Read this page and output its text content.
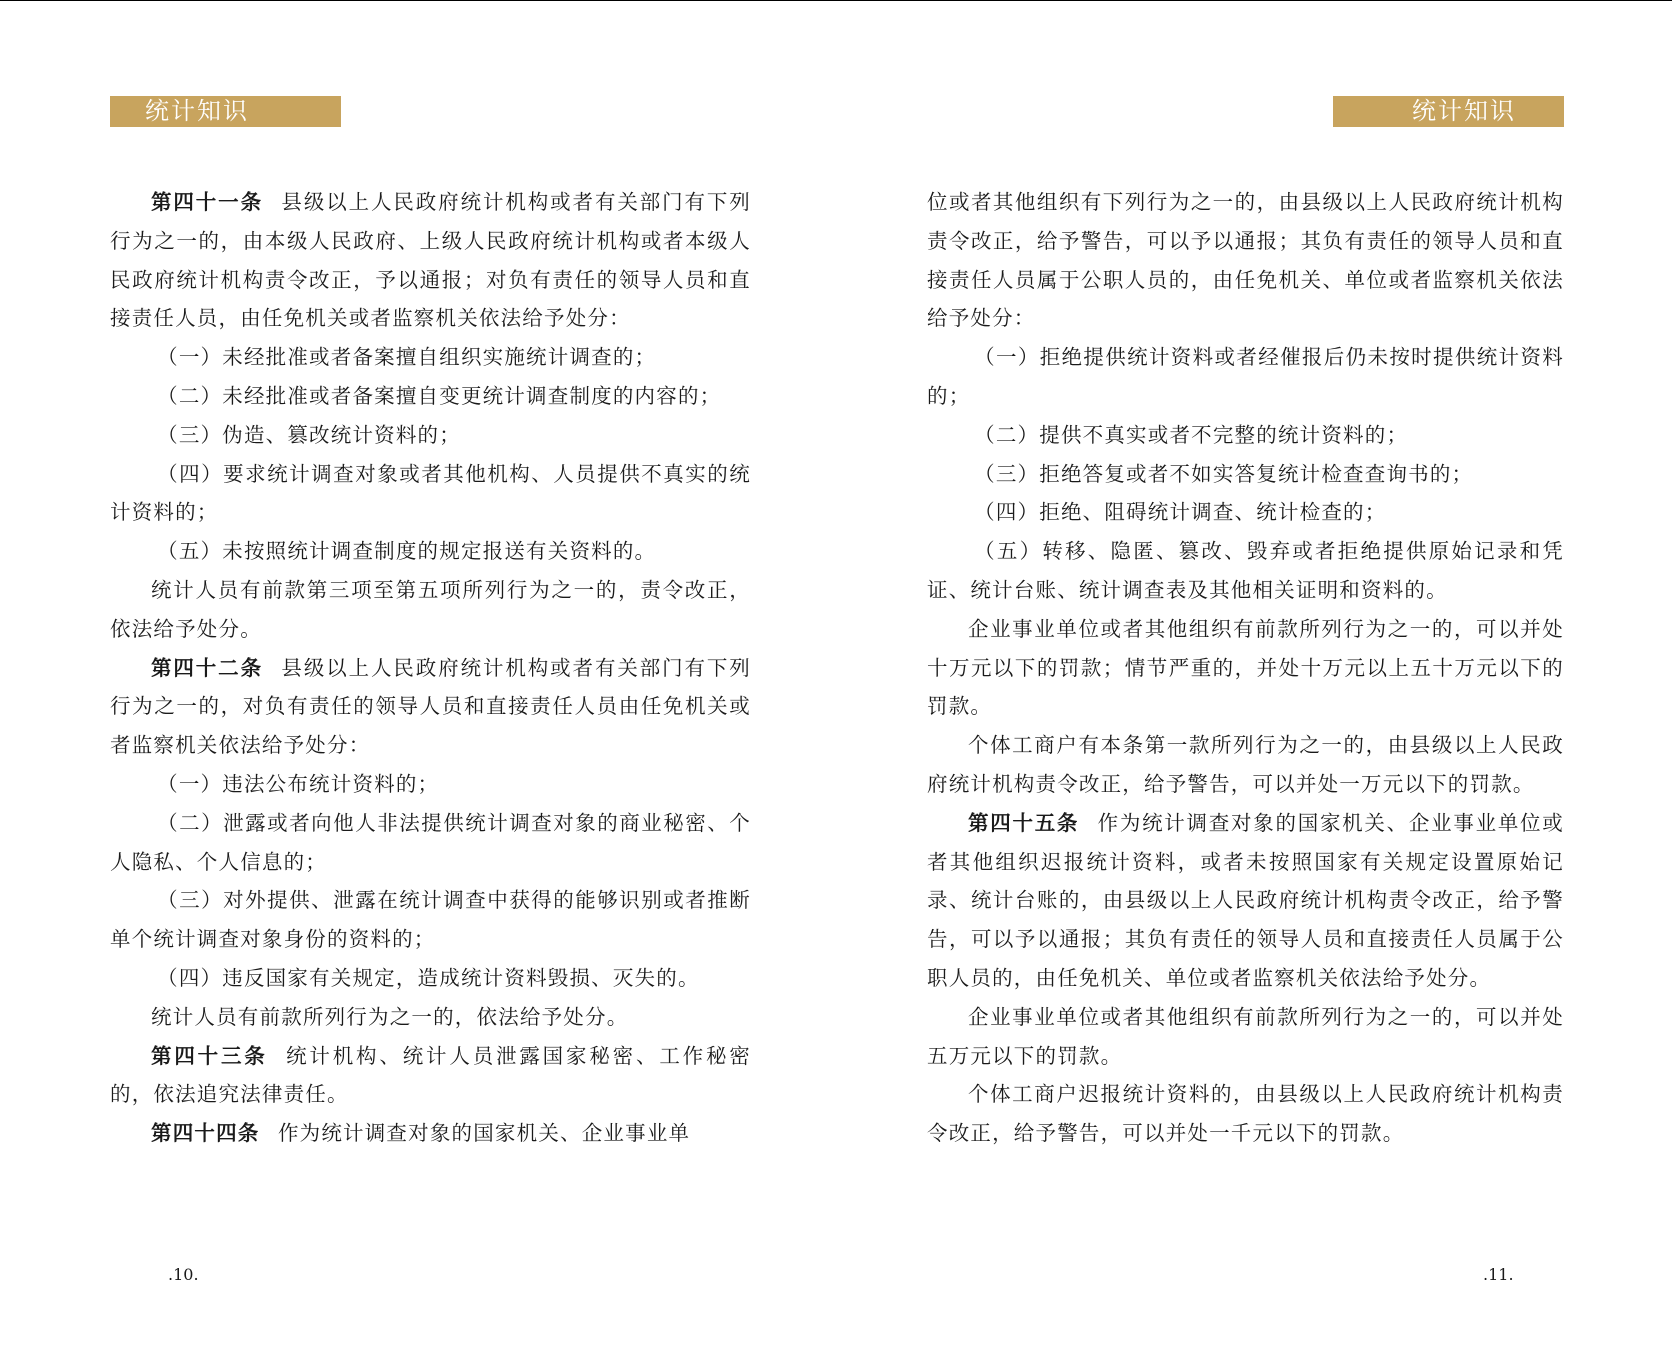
统计知识

第四十一条 县级以上人民政府统计机构或者有关部门有下列行为之一的，由本级人民政府、上级人民政府统计机构或者本级人民政府统计机构责令改正，予以通报；对负有责任的领导人员和直接责任人员，由任免机关或者监察机关依法给予处分：

（一）未经批准或者备案擅自组织实施统计调查的；

（二）未经批准或者备案擅自变更统计调查制度的内容的；

（三）伪造、篡改统计资料的；

（四）要求统计调查对象或者其他机构、人员提供不真实的统计资料的；

（五）未按照统计调查制度的规定报送有关资料的。

统计人员有前款第三项至第五项所列行为之一的，责令改正，依法给予处分。

第四十二条 县级以上人民政府统计机构或者有关部门有下列行为之一的，对负有责任的领导人员和直接责任人员由任免机关或者监察机关依法给予处分：

（一）违法公布统计资料的；

（二）泄露或者向他人非法提供统计调查对象的商业秘密、个人隐私、个人信息的；

（三）对外提供、泄露在统计调查中获得的能够识别或者推断单个统计调查对象身份的资料的；

（四）违反国家有关规定，造成统计资料毁损、灭失的。

统计人员有前款所列行为之一的，依法给予处分。

第四十三条 统计机构、统计人员泄露国家秘密、工作秘密的，依法追究法律责任。

第四十四条 作为统计调查对象的国家机关、企业事业单

.10.
统计知识

位或者其他组织有下列行为之一的，由县级以上人民政府统计机构责令改正，给予警告，可以予以通报；其负有责任的领导人员和直接责任人员属于公职人员的，由任免机关、单位或者监察机关依法给予处分：

（一）拒绝提供统计资料或者经催报后仍未按时提供统计资料的；

（二）提供不真实或者不完整的统计资料的；

（三）拒绝答复或者不如实答复统计检查查询书的；

（四）拒绝、阻碍统计调查、统计检查的；

（五）转移、隐匿、篡改、毁弃或者拒绝提供原始记录和凭证、统计台账、统计调查表及其他相关证明和资料的。

企业事业单位或者其他组织有前款所列行为之一的，可以并处十万元以下的罚款；情节严重的，并处十万元以上五十万元以下的罚款。

个体工商户有本条第一款所列行为之一的，由县级以上人民政府统计机构责令改正，给予警告，可以并处一万元以下的罚款。

第四十五条 作为统计调查对象的国家机关、企业事业单位或者其他组织迟报统计资料，或者未按照国家有关规定设置原始记录、统计台账的，由县级以上人民政府统计机构责令改正，给予警告，可以予以通报；其负有责任的领导人员和直接责任人员属于公职人员的，由任免机关、单位或者监察机关依法给予处分。

企业事业单位或者其他组织有前款所列行为之一的，可以并处五万元以下的罚款。

个体工商户迟报统计资料的，由县级以上人民政府统计机构责令改正，给予警告，可以并处一千元以下的罚款。

.11.
